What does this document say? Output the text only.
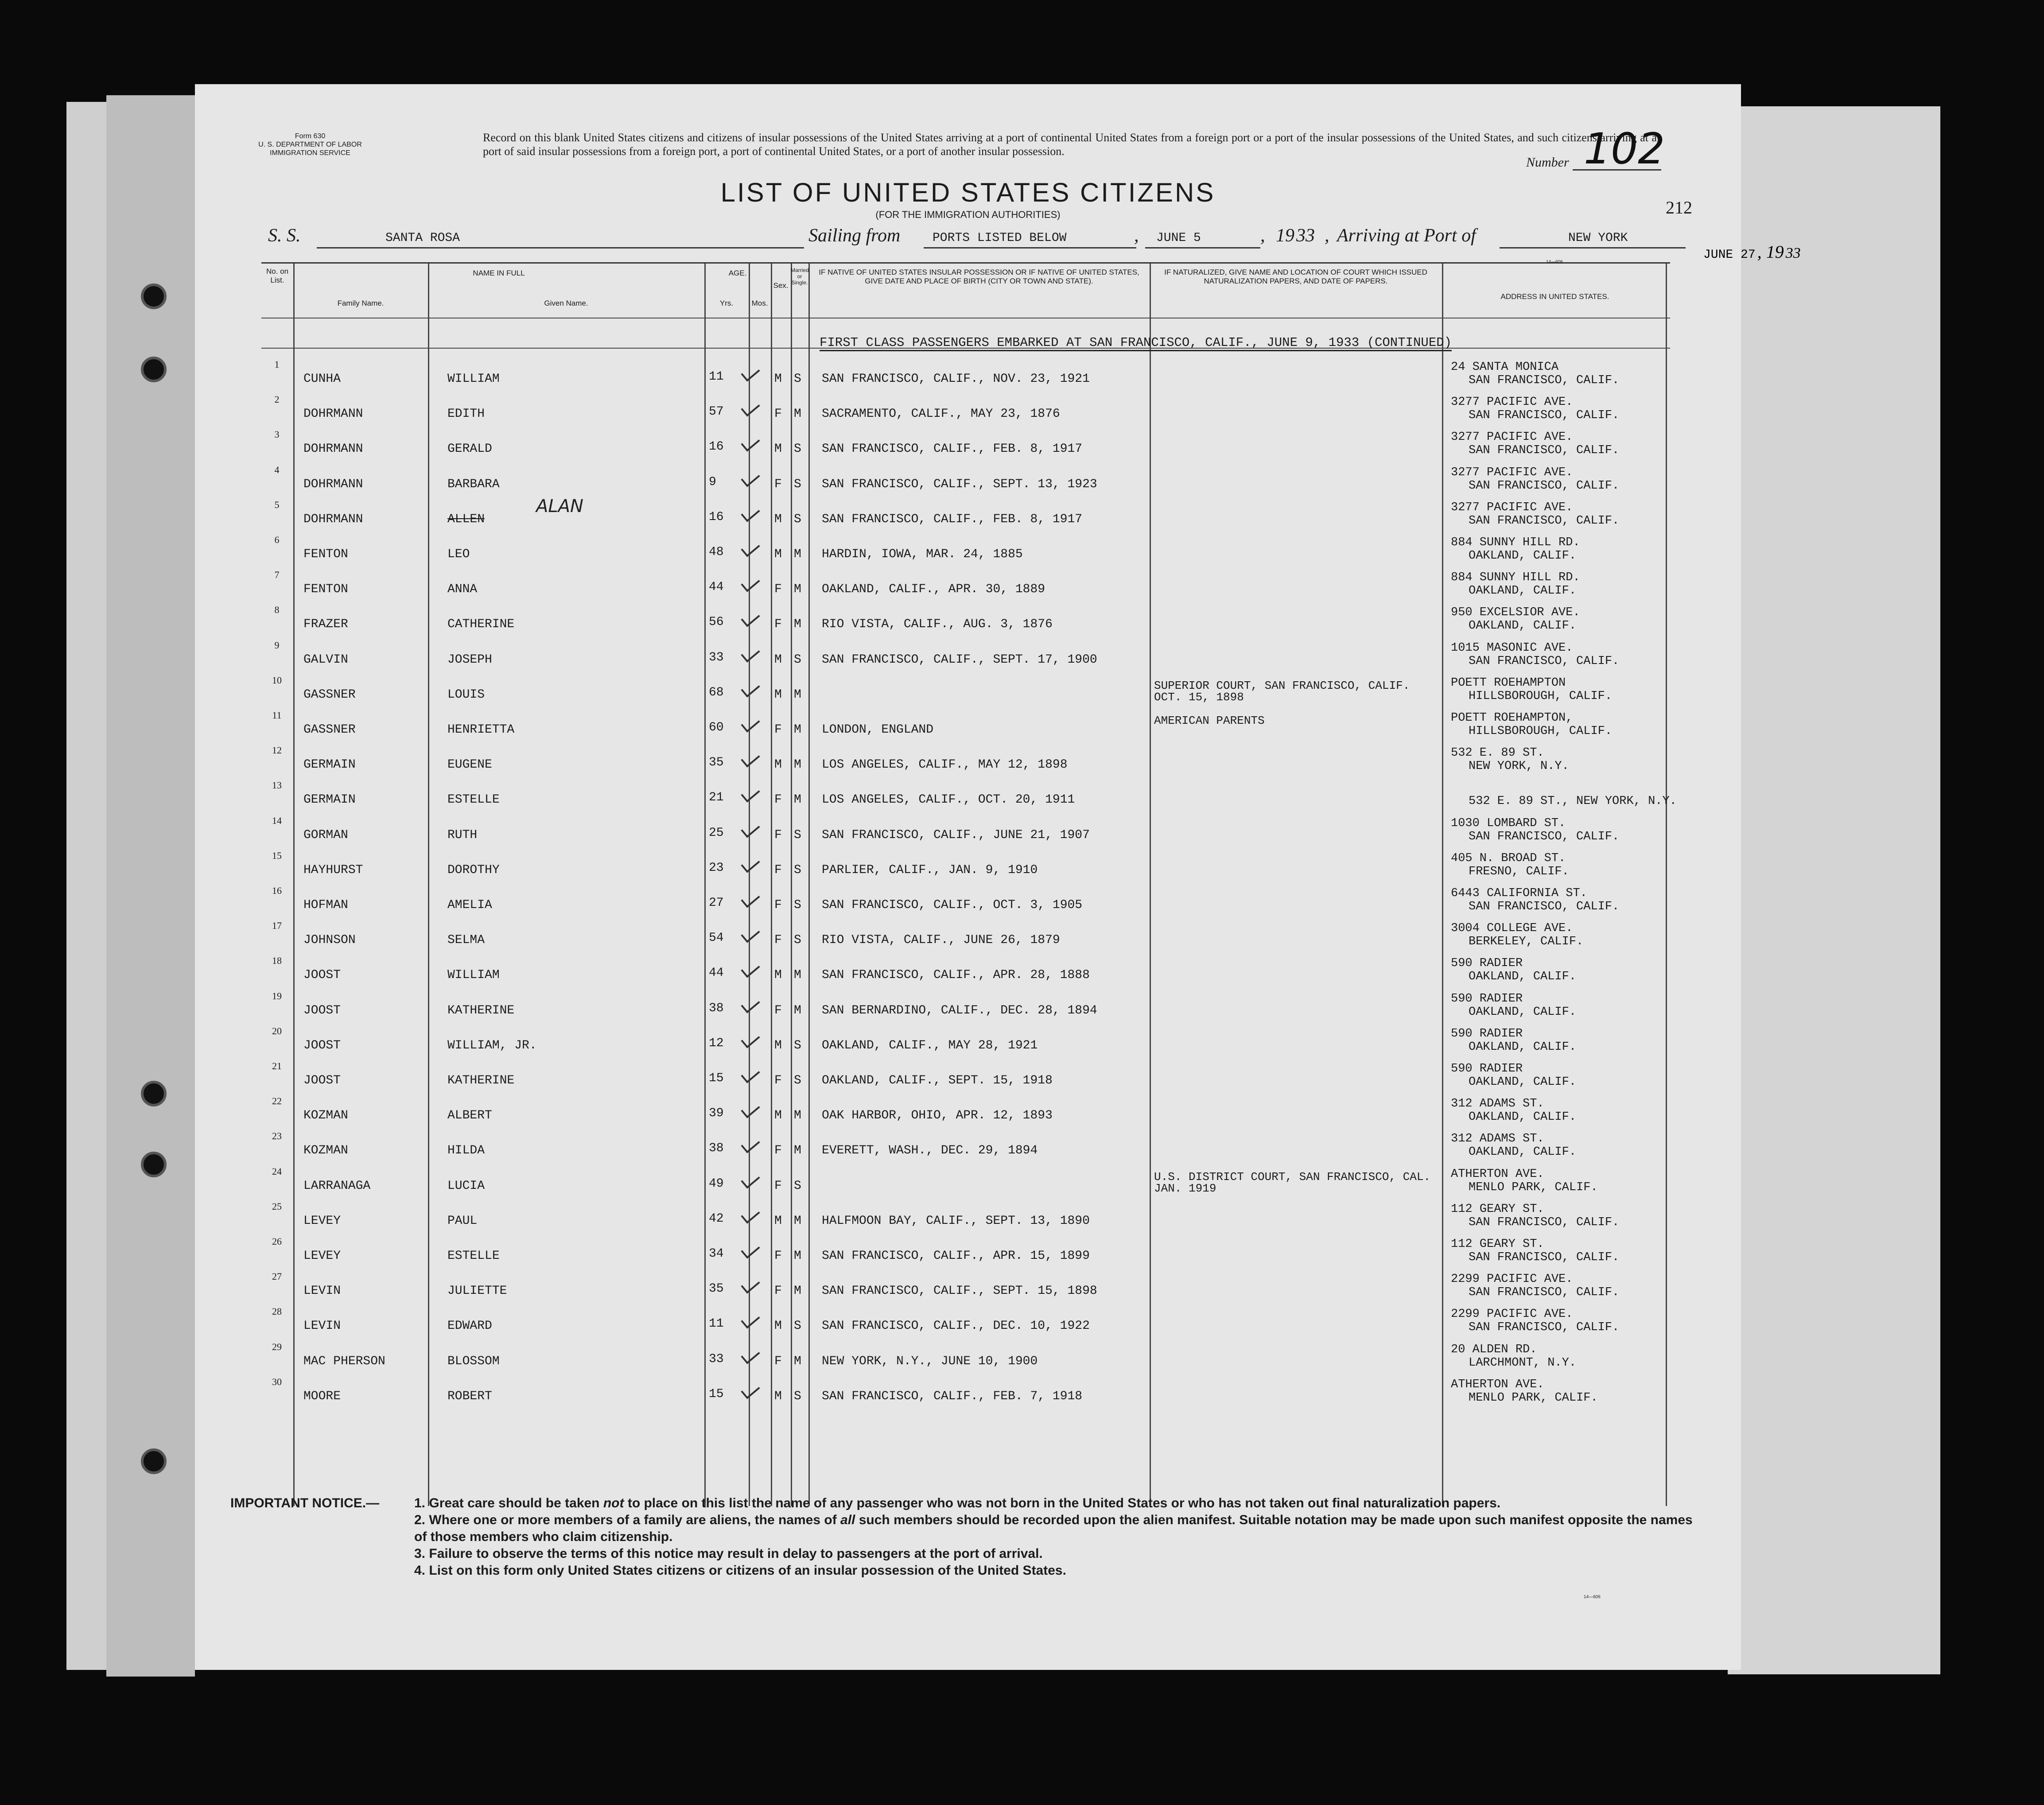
Form 630
U. S. DEPARTMENT OF LABOR
IMMIGRATION SERVICE
Record on this blank United States citizens and citizens of insular possessions of the United States arriving at a port of continental United States from a foreign port or a port of the insular possessions of the United States, and such citizens arriving at a port of said insular possessions from a foreign port, a port of continental United States, or a port of another insular possession.
Number 102
212
LIST OF UNITED STATES CITIZENS
(FOR THE IMMIGRATION AUTHORITIES)
S. S.	SANTA ROSA	Sailing from	PORTS LISTED BELOW	, JUNE 5	, 19 33 , Arriving at Port of	NEW YORK
No. on List.
NAME IN FULL
Family Name.	Given Name.
AGE.
Yrs.	Mos.
Sex.
Married or Single.
IF NATIVE OF UNITED STATES INSULAR POSSESSION OR IF NATIVE OF UNITED STATES, GIVE DATE AND PLACE OF BIRTH (CITY OR TOWN AND STATE).
IF NATURALIZED, GIVE NAME AND LOCATION OF COURT WHICH ISSUED NATURALIZATION PAPERS, AND DATE OF PAPERS.
ADDRESS IN UNITED STATES.
FIRST CLASS PASSENGERS EMBARKED AT SAN FRANCISCO, CALIF., JUNE 9, 1933 (CONTINUED)
1
CUNHA	WILLIAM	11	M S SAN FRANCISCO, CALIF., NOV. 23, 1921
24 SANTA MONICA
SAN FRANCISCO, CALIF.
2
DOHRMANN	EDITH	57	F M SACRAMENTO, CALIF., MAY 23, 1876
3277 PACIFIC AVE.
SAN FRANCISCO, CALIF.
3
DOHRMANN	GERALD	16	M S SAN FRANCISCO, CALIF., FEB. 8, 1917
3277 PACIFIC AVE.
SAN FRANCISCO, CALIF.
4
DOHRMANN	BARBARA	9	F S SAN FRANCISCO, CALIF., SEPT. 13, 1923
3277 PACIFIC AVE.
SAN FRANCISCO, CALIF.
5
DOHRMANN	ALLEN	16	M S SAN FRANCISCO, CALIF., FEB. 8, 1917
3277 PACIFIC AVE.
SAN FRANCISCO, CALIF.
6
FENTON	LEO	48	M M HARDIN, IOWA, MAR. 24, 1885
884 SUNNY HILL RD.
OAKLAND, CALIF.
7
FENTON	ANNA	44	F M OAKLAND, CALIF., APR. 30, 1889
884 SUNNY HILL RD.
OAKLAND, CALIF.
8
FRAZER	CATHERINE	56	F M RIO VISTA, CALIF., AUG. 3, 1876
950 EXCELSIOR AVE.
OAKLAND, CALIF.
9
GALVIN	JOSEPH	33	M S SAN FRANCISCO, CALIF., SEPT. 17, 1900
1015 MASONIC AVE.
SAN FRANCISCO, CALIF.
10
GASSNER	LOUIS	68	M M
SUPERIOR COURT, SAN FRANCISCO, CALIF.
OCT. 15, 1898
POETT ROEHAMPTON
HILLSBOROUGH, CALIF.
11
GASSNER	HENRIETTA	60	F M LONDON, ENGLAND
AMERICAN PARENTS	POETT ROEHAMPTON,
HILLSBOROUGH, CALIF.
12
GERMAIN	EUGENE	35	M M LOS ANGELES, CALIF., MAY 12, 1898
532 E. 89 ST.
NEW YORK, N.Y.
13
GERMAIN	ESTELLE	21	F M LOS ANGELES, CALIF., OCT. 20, 1911	532 E. 89 ST., NEW YORK, N.Y.
14
GORMAN	RUTH	25	F S SAN FRANCISCO, CALIF., JUNE 21, 1907
1030 LOMBARD ST.
SAN FRANCISCO, CALIF.
15
HAYHURST	DOROTHY	23	F S PARLIER, CALIF., JAN. 9, 1910
405 N. BROAD ST.
FRESNO, CALIF.
16
HOFMAN	AMELIA	27	F S SAN FRANCISCO, CALIF., OCT. 3, 1905
6443 CALIFORNIA ST.
SAN FRANCISCO, CALIF.
17
JOHNSON	SELMA	54	F S RIO VISTA, CALIF., JUNE 26, 1879
3004 COLLEGE AVE.
BERKELEY, CALIF.
18
JOOST	WILLIAM	44	M M SAN FRANCISCO, CALIF., APR. 28, 1888
590 RADIER
OAKLAND, CALIF.
19
JOOST	KATHERINE	38	F M SAN BERNARDINO, CALIF., DEC. 28, 1894
590 RADIER
OAKLAND, CALIF.
20
JOOST	WILLIAM, JR.	12	M S OAKLAND, CALIF., MAY 28, 1921
590 RADIER
OAKLAND, CALIF.
21
JOOST	KATHERINE	15	F S OAKLAND, CALIF., SEPT. 15, 1918
590 RADIER
OAKLAND, CALIF.
22
KOZMAN	ALBERT	39	M M OAK HARBOR, OHIO, APR. 12, 1893
312 ADAMS ST.
OAKLAND, CALIF.
23
KOZMAN	HILDA	38	F M EVERETT, WASH., DEC. 29, 1894
312 ADAMS ST.
OAKLAND, CALIF.
24
LARRANAGA	LUCIA	49	F S
U.S. DISTRICT COURT, SAN FRANCISCO, CAL.
JAN. 1919
ATHERTON AVE.
MENLO PARK, CALIF.
25
LEVEY	PAUL	42	M M HALFMOON BAY, CALIF., SEPT. 13, 1890
112 GEARY ST.
SAN FRANCISCO, CALIF.
26
LEVEY	ESTELLE	34	F M SAN FRANCISCO, CALIF., APR. 15, 1899
112 GEARY ST.
SAN FRANCISCO, CALIF.
27
LEVIN	JULIETTE	35	F M SAN FRANCISCO, CALIF., SEPT. 15, 1898
2299 PACIFIC AVE.
SAN FRANCISCO, CALIF.
28
LEVIN	EDWARD	11	M S SAN FRANCISCO, CALIF., DEC. 10, 1922
2299 PACIFIC AVE.
SAN FRANCISCO, CALIF.
29
MAC PHERSON	BLOSSOM	33	F M NEW YORK, N.Y., JUNE 10, 1900
20 ALDEN RD.
LARCHMONT, N.Y.
30
MOORE	ROBERT	15	M S SAN FRANCISCO, CALIF., FEB. 7, 1918
ATHERTON AVE.
MENLO PARK, CALIF.
ALAN
IMPORTANT NOTICE.—	1. Great care should be taken not to place on this list the name of any passenger who was not born in the United States or who has not taken out final naturalization papers.
2. Where one or more members of a family are aliens, the names of all such members should be recorded upon the alien manifest. Suitable notation may be made upon such manifest opposite the names of those members who claim citizenship.
3. Failure to observe the terms of this notice may result in delay to passengers at the port of arrival.
4. List on this form only United States citizens or citizens of an insular possession of the United States.
14—606
14—606
JUNE 27 , 19 33
